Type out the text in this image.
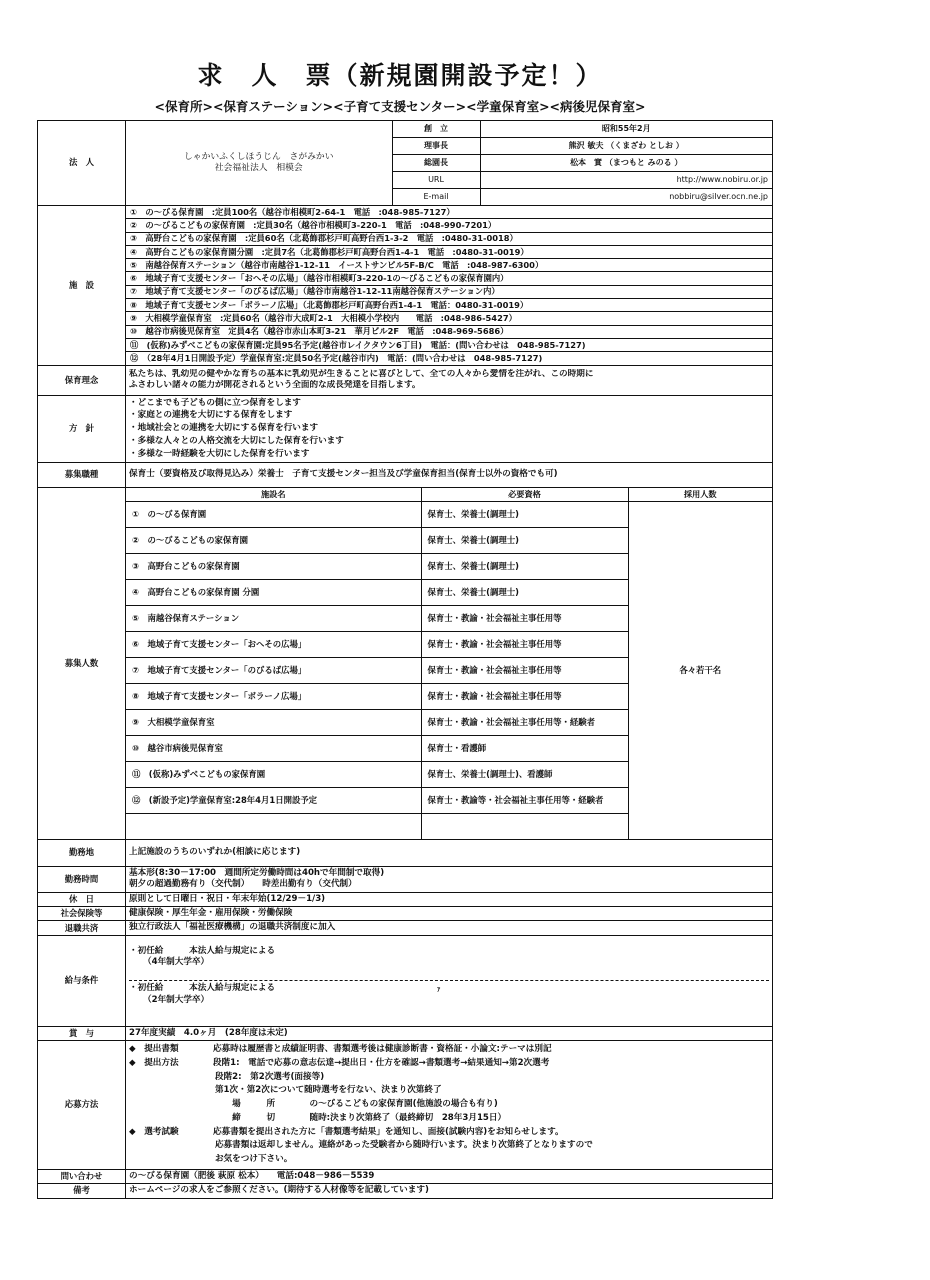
求　人　票（新規園開設予定！）
<保育所><保育ステーション><子育て支援センター><学童保育室><病後児保育室>
法　人		しゃかいふくしほうじん　さがみかい
社会福祉法人　相模会
	創　立	昭和55年2月
理事長	熊沢 敏夫 （くまざわ としお ）
総園長	松本　實 （まつもと みのる ）
URL	http://www.nobiru.or.jp
E-mail	nobbiru@silver.ocn.ne.jp

施　設	
①　の～びる保育園　:定員100名（越谷市相模町2-64-1　電話　:048-985-7127）
②　の～びるこどもの家保育園　:定員30名（越谷市相模町3-220-1　電話　:048-990-7201）
③　高野台こどもの家保育園　:定員60名（北葛飾郡杉戸町高野台西1-3-2　電話　:0480-31-0018）
④　高野台こどもの家保育園分園　:定員7名（北葛飾郡杉戸町高野台西1-4-1　電話　:0480-31-0019）
⑤　南越谷保育ステーション（越谷市南越谷1-12-11　イーストサンピル5F-B/C　電話　:048-987-6300）
⑥　地域子育て支援センター「おへその広場」（越谷市相模町3-220-1の～びるこどもの家保育園内）
⑦　地域子育て支援センター「のびるば広場」（越谷市南越谷1-12-11南越谷保育ステーション内）
⑧　地域子育て支援センター「ボラーノ広場」（北葛飾郡杉戸町高野台西1-4-1　電話：0480-31-0019）
⑨　大相模学童保育室　:定員60名（越谷市大成町2-1　大相模小学校内　　電話　:048-986-5427）
⑩　越谷市病後児保育室　定員4名（越谷市赤山本町3-21　華月ビル2F　電話　:048-969-5686）
⑪　(仮称)みずべこどもの家保育園:定員95名予定(越谷市レイクタウン6丁目)　電話：(問い合わせは　048-985-7127)
⑫　（28年4月1日開設予定）学童保育室:定員50名予定(越谷市内)　電話：(問い合わせは　048-985-7127)

保育理念	
私たちは、乳幼児の健やかな育ちの基本に乳幼児が生きることに喜びとして、全ての人々から愛情を注がれ、この時期に
ふさわしい諸々の能力が開花されるという全面的な成長発達を目指します。

方　針	
・どこまでも子どもの側に立つ保育をします
・家庭との連携を大切にする保育をします
・地域社会との連携を大切にする保育を行います
・多様な人々との人格交流を大切にした保育を行います
・多様な一時経験を大切にした保育を行います

募集職種	保育士（要資格及び取得見込み）栄養士　子育て支援センター担当及び学童保育担当(保育士以外の資格でも可)
募集人数	
施設名	必要資格	採用人数
①　の～びる保育園	保育士、栄養士(調理士)	各々若干名
②　の～びるこどもの家保育園	保育士、栄養士(調理士)
③　高野台こどもの家保育園	保育士、栄養士(調理士)
④　高野台こどもの家保育園 分園	保育士、栄養士(調理士)
⑤　南越谷保育ステーション	保育士・教諭・社会福祉主事任用等
⑥　地域子育て支援センター「おへその広場」	保育士・教諭・社会福祉主事任用等
⑦　地域子育て支援センター「のびるば広場」	保育士・教諭・社会福祉主事任用等
⑧　地域子育て支援センター「ボラーノ広場」	保育士・教諭・社会福祉主事任用等
⑨　大相模学童保育室	保育士・教諭・社会福祉主事任用等・経験者
⑩　越谷市病後児保育室	保育士・看護師
⑪　(仮称)みずべこどもの家保育園	保育士、栄養士(調理士)、看護師
⑫　(新設予定)学童保育室:28年4月1日開設予定	保育士・教諭等・社会福祉主事任用等・経験者

勤務地	上記施設のうちのいずれか(相談に応じます)
勤務時間	
基本形(8:30－17:00　週間所定労働時間は40hで年間制で取得)
朝夕の超過勤務有り（交代制）　　時差出勤有り（交代制）

休　日	原則として日曜日・祝日・年末年始(12/29－1/3)
社会保険等	健康保険・厚生年金・雇用保険・労働保険
退職共済	独立行政法人「福祉医療機構」の退職共済制度に加入
給与条件	
・初任給　　　本法人給与規定による
（4年制大学卒）
・初任給　　　本法人給与規定による	ｧ
（2年制大学卒）

賞　与	27年度実績　4.0ヶ月　(28年度は未定)
応募方法	
◆　提出書類　　　　応募時は履歴書と成績証明書、書類選考後は健康診断書・資格証・小論文:テーマは別記
◆　提出方法　　　　段階1:　電話で応募の意志伝達→提出日・仕方を確認→書類選考→結果通知→第2次選考
　　　　　　　　　　段階2:　第2次選考(面接等)
　　　　　　　　　　第1次・第2次について随時選考を行ない、決まり次第終了
　　　　　　　　　　　　場　　　所　　　　の～びるこどもの家保育園(他施設の場合も有り)
　　　　　　　　　　　　締　　　切　　　　随時:決まり次第終了（最終締切　28年3月15日）
◆　選考試験　　　　応募書類を提出された方に「書類選考結果」を通知し、面接(試験内容)をお知らせします。
　　　　　　　　　　応募書類は返却しません。連絡があった受験者から随時行います。決まり次第終了となりますので
　　　　　　　　　　お気をつけ下さい。

問い合わせ	の～びる保育園（肥後 萩原 松本）　　電話:048－986－5539
備考	ホームページの求人をご参照ください。(期待する人材像等を記載しています)
